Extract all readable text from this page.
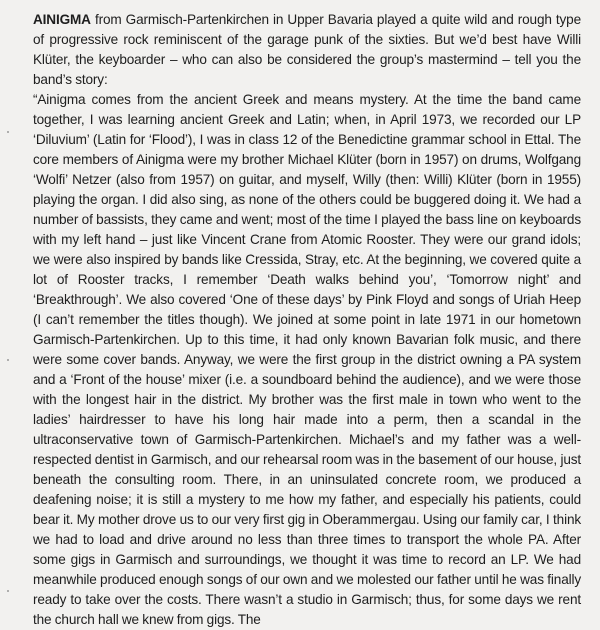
AINIGMA from Garmisch-Partenkirchen in Upper Bavaria played a quite wild and rough type of progressive rock reminiscent of the garage punk of the sixties. But we’d best have Willi Klüter, the keyboarder – who can also be considered the group’s mastermind – tell you the band’s story:

“Ainigma comes from the ancient Greek and means mystery. At the time the band came together, I was learning ancient Greek and Latin; when, in April 1973, we recorded our LP ‘Diluvium’ (Latin for ‘Flood’), I was in class 12 of the Benedictine grammar school in Ettal. The core members of Ainigma were my brother Michael Klüter (born in 1957) on drums, Wolfgang ‘Wolfi’ Netzer (also from 1957) on guitar, and myself, Willy (then: Willi) Klüter (born in 1955) playing the organ. I did also sing, as none of the others could be buggered doing it. We had a number of bassists, they came and went; most of the time I played the bass line on keyboards with my left hand – just like Vincent Crane from Atomic Rooster. They were our grand idols; we were also inspired by bands like Cressida, Stray, etc. At the beginning, we covered quite a lot of Rooster tracks, I remember ‘Death walks behind you’, ‘Tomorrow night’ and ‘Breakthrough’. We also covered ‘One of these days’ by Pink Floyd and songs of Uriah Heep (I can’t remember the titles though). We joined at some point in late 1971 in our hometown Garmisch-Partenkirchen. Up to this time, it had only known Bavarian folk music, and there were some cover bands. Anyway, we were the first group in the district owning a PA system and a ‘Front of the house’ mixer (i.e. a soundboard behind the audience), and we were those with the longest hair in the district. My brother was the first male in town who went to the ladies’ hairdresser to have his long hair made into a perm, then a scandal in the ultraconservative town of Garmisch-Partenkirchen. Michael’s and my father was a well-respected dentist in Garmisch, and our rehearsal room was in the basement of our house, just beneath the consulting room. There, in an uninsulated concrete room, we produced a deafening noise; it is still a mystery to me how my father, and especially his patients, could bear it. My mother drove us to our very first gig in Oberammergau. Using our family car, I think we had to load and drive around no less than three times to transport the whole PA. After some gigs in Garmisch and surroundings, we thought it was time to record an LP. We had meanwhile produced enough songs of our own and we molested our father until he was finally ready to take over the costs. There wasn’t a studio in Garmisch; thus, for some days we rent the church hall we knew from gigs. The
